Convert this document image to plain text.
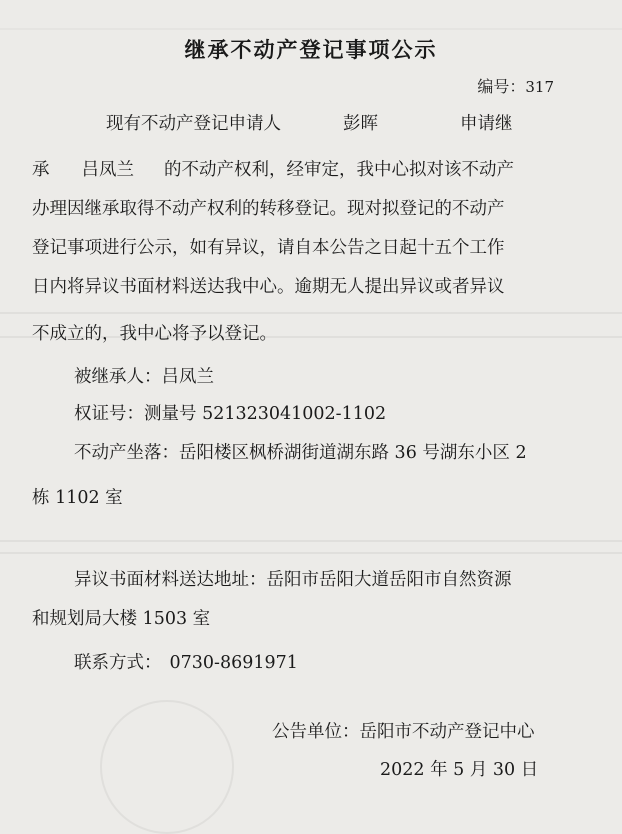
继承不动产登记事项公示
编号：317
现有不动产登记申请人	彭晖	申请继
承 吕凤兰 的不动产权利，经审定，我中心拟对该不动产
办理因继承取得不动产权利的转移登记。现对拟登记的不动产
登记事项进行公示，如有异议，请自本公告之日起十五个工作
日内将异议书面材料送达我中心。逾期无人提出异议或者异议
不成立的，我中心将予以登记。
被继承人：吕凤兰
权证号：测量号 521323041002-1102
不动产坐落：岳阳楼区枫桥湖街道湖东路 36 号湖东小区 2
栋 1102 室
异议书面材料送达地址：岳阳市岳阳大道岳阳市自然资源
和规划局大楼 1503 室
联系方式： 0730-8691971
公告单位：岳阳市不动产登记中心
2022 年 5 月 30 日
